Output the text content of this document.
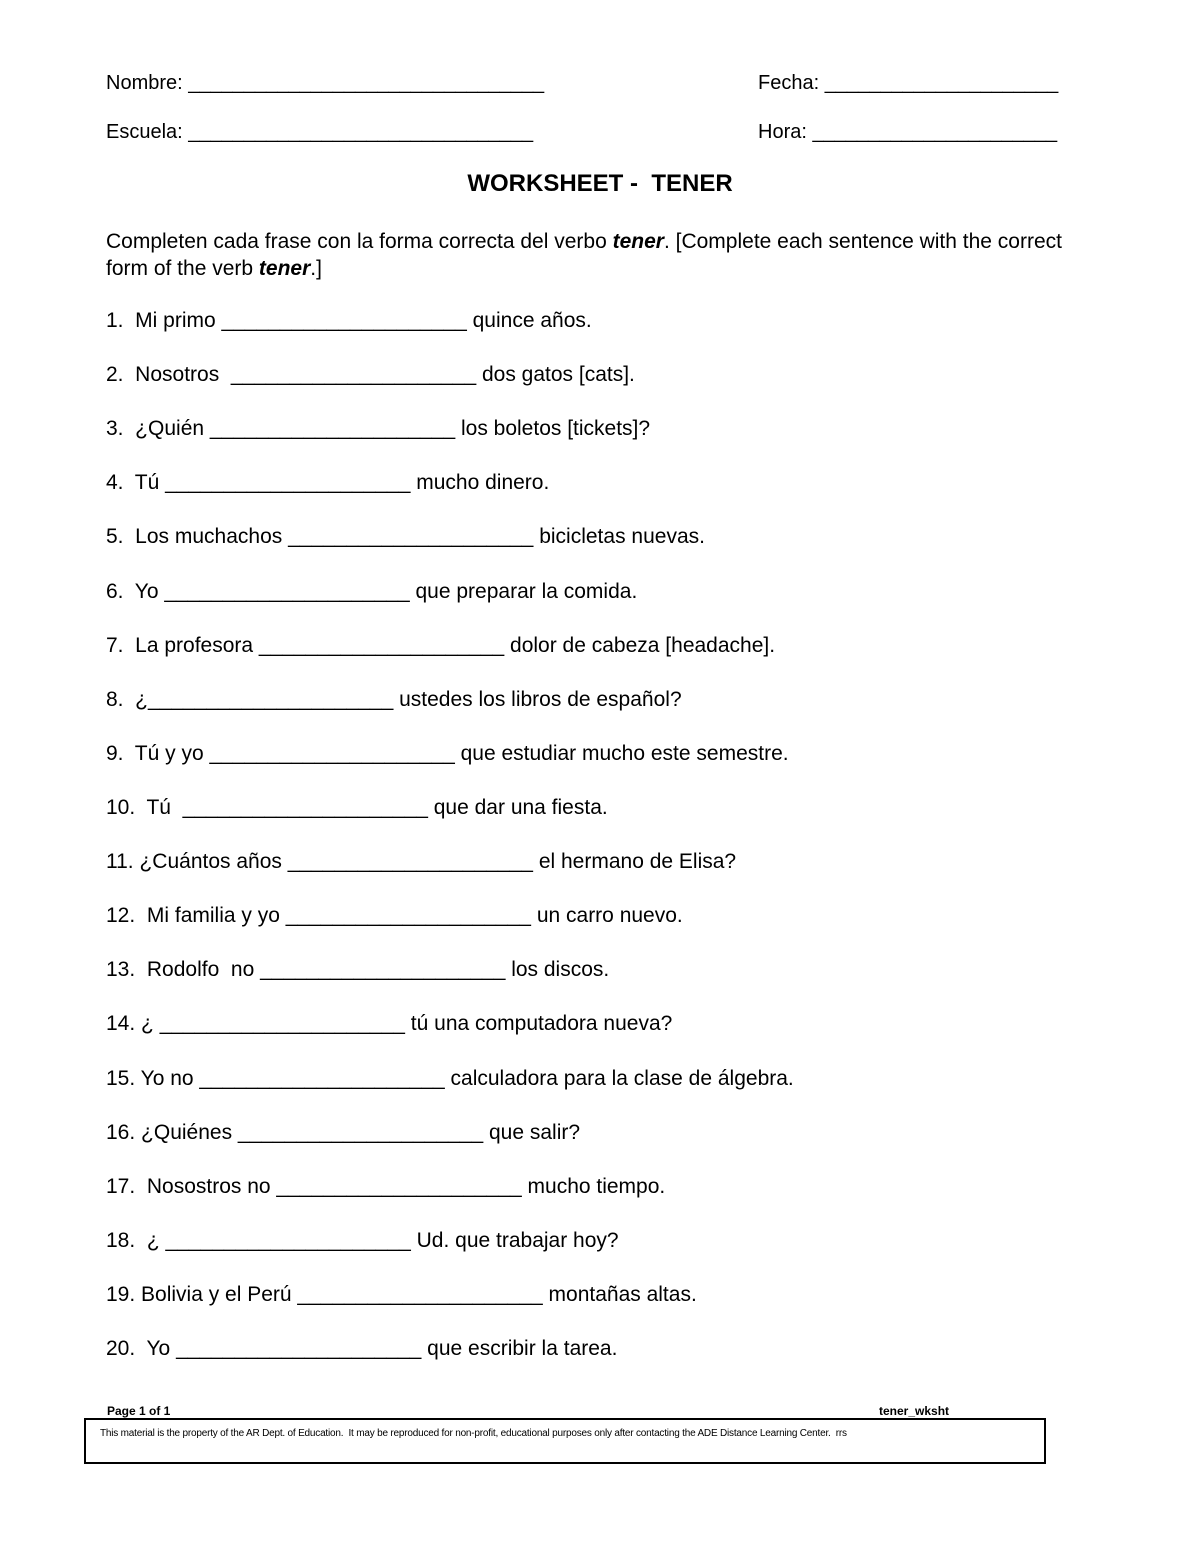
Nombre: ________________________________	Fecha: _____________________
Escuela: _______________________________	Hora: ______________________
WORKSHEET -  TENER
Completen cada frase con la forma correcta del verbo tener. [Complete each sentence with the correct form of the verb tener.]
1.  Mi primo _____________________ quince años.
2.  Nosotros  _____________________ dos gatos [cats].
3.  ¿Quién _____________________ los boletos [tickets]?
4.  Tú _____________________ mucho dinero.
5.  Los muchachos _____________________ bicicletas nuevas.
6.  Yo _____________________ que preparar la comida.
7.  La profesora _____________________ dolor de cabeza [headache].
8.  ¿_____________________ ustedes los libros de español?
9.  Tú y yo _____________________ que estudiar mucho este semestre.
10.  Tú  _____________________ que dar una fiesta.
11. ¿Cuántos años _____________________ el hermano de Elisa?
12.  Mi familia y yo _____________________ un carro nuevo.
13.  Rodolfo  no _____________________ los discos.
14. ¿ _____________________ tú una computadora nueva?
15. Yo no _____________________ calculadora para la clase de álgebra.
16. ¿Quiénes _____________________ que salir?
17.  Nosostros no _____________________ mucho tiempo.
18.  ¿ _____________________ Ud. que trabajar hoy?
19. Bolivia y el Perú _____________________ montañas altas.
20.  Yo _____________________ que escribir la tarea.
Page 1 of 1	tener_wksht
This material is the property of the AR Dept. of Education.  It may be reproduced for non-profit, educational purposes only after contacting the ADE Distance Learning Center.  rrs
